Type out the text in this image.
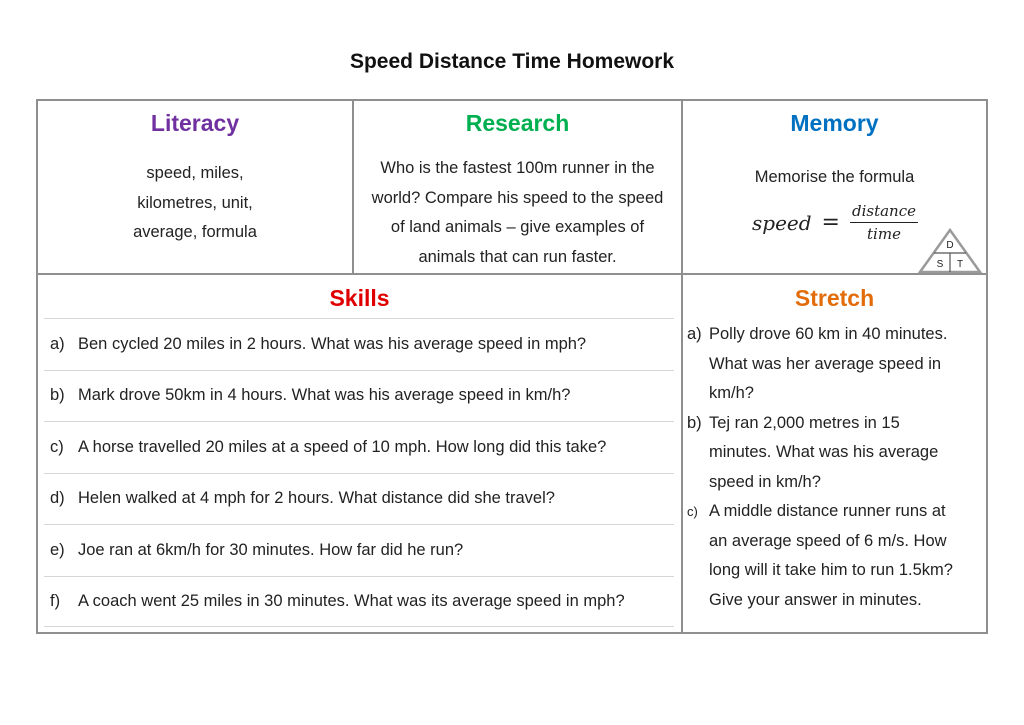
Speed Distance Time Homework
Literacy
speed, miles,
kilometres, unit,
average, formula
Research
Who is the fastest 100m runner in the
world? Compare his speed to the speed
of land animals – give examples of
animals that can run faster.
Memory
Memorise the formula
speed = $\frac{\text{distance}}{\text{time}}$
D
S T
Skills
a) Ben cycled 20 miles in 2 hours. What was his average speed in mph?
b) Mark drove 50km in 4 hours. What was his average speed in km/h?
c) A horse travelled 20 miles at a speed of 10 mph. How long did this take?
d) Helen walked at 4 mph for 2 hours. What distance did she travel?
e) Joe ran at 6km/h for 30 minutes. How far did he run?
f)	A coach went 25 miles in 30 minutes. What was its average speed in mph?
Stretch
a) Polly drove 60 km in 40 minutes.
What was her average speed in
km/h?
b) Tej ran 2,000 metres in 15
minutes. What was his average
speed in km/h?
c) A middle distance runner runs at
an average speed of 6 m/s. How
long will it take him to run 1.5km?
Give your answer in minutes.
